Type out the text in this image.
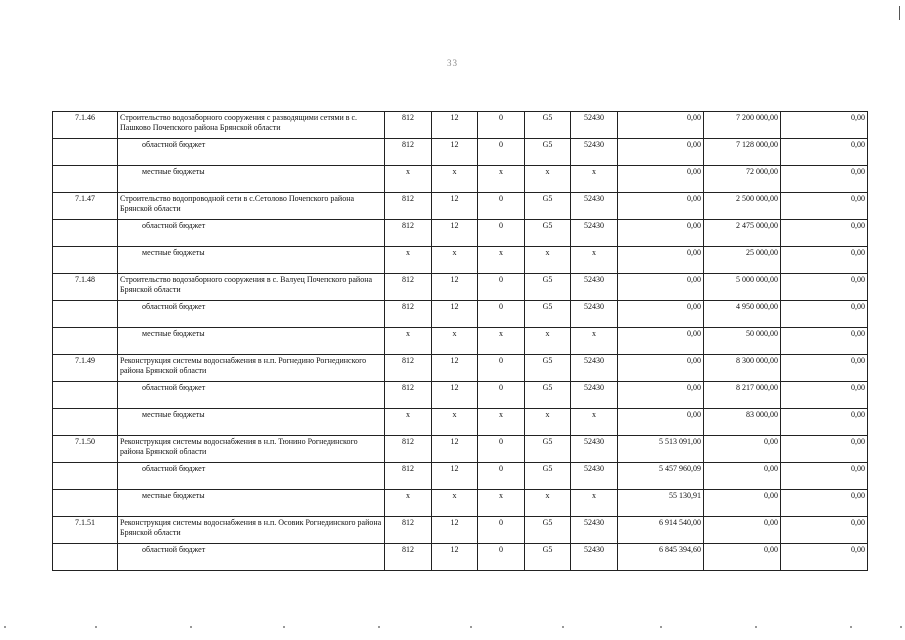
33
7.1.46	Строительство водозаборного сооружения с разводящими сетями в с. Пашково Почепского района Брянской области	812	12	0	G5	52430	0,00	7 200 000,00	0,00
	областной бюджет	812	12	0	G5	52430	0,00	7 128 000,00	0,00
	местные бюджеты	x	x	x	x	x	0,00	72 000,00	0,00
7.1.47	Строительство водопроводной сети в с.Сетолово Почепского района Брянской области	812	12	0	G5	52430	0,00	2 500 000,00	0,00
	областной бюджет	812	12	0	G5	52430	0,00	2 475 000,00	0,00
	местные бюджеты	x	x	x	x	x	0,00	25 000,00	0,00
7.1.48	Строительство водозаборного сооружения в с. Валуец Почепского района Брянской области	812	12	0	G5	52430	0,00	5 000 000,00	0,00
	областной бюджет	812	12	0	G5	52430	0,00	4 950 000,00	0,00
	местные бюджеты	x	x	x	x	x	0,00	50 000,00	0,00
7.1.49	Реконструкция системы водоснабжения в н.п. Рогнедино Рогнединского района Брянской области	812	12	0	G5	52430	0,00	8 300 000,00	0,00
	областной бюджет	812	12	0	G5	52430	0,00	8 217 000,00	0,00
	местные бюджеты	x	x	x	x	x	0,00	83 000,00	0,00
7.1.50	Реконструкция системы водоснабжения в н.п. Тюнино Рогнединского района Брянской области	812	12	0	G5	52430	5 513 091,00	0,00	0,00
	областной бюджет	812	12	0	G5	52430	5 457 960,09	0,00	0,00
	местные бюджеты	x	x	x	x	x	55 130,91	0,00	0,00
7.1.51	Реконструкция системы водоснабжения в н.п. Осовик Рогнединского района Брянской области	812	12	0	G5	52430	6 914 540,00	0,00	0,00
	областной бюджет	812	12	0	G5	52430	6 845 394,60	0,00	0,00
